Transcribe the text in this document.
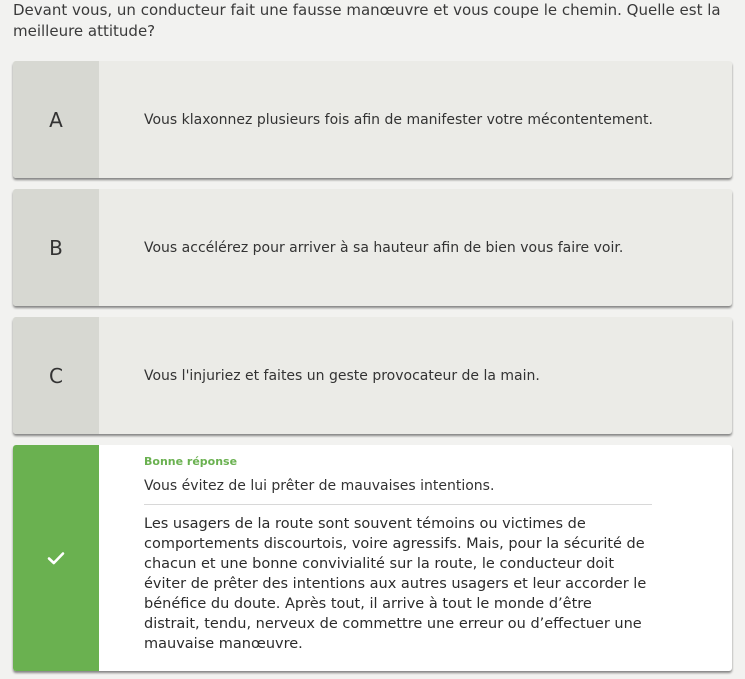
Devant vous, un conducteur fait une fausse manœuvre et vous coupe le chemin. Quelle est la meilleure attitude?
A	Vous klaxonnez plusieurs fois afin de manifester votre mécontentement.
B	Vous accélérez pour arriver à sa hauteur afin de bien vous faire voir.
C	Vous l'injuriez et faites un geste provocateur de la main.
Bonne réponse
Vous évitez de lui prêter de mauvaises intentions.
Les usagers de la route sont souvent témoins ou victimes de comportements discourtois, voire agressifs. Mais, pour la sécurité de chacun et une bonne convivialité sur la route, le conducteur doit éviter de prêter des intentions aux autres usagers et leur accorder le bénéfice du doute. Après tout, il arrive à tout le monde d’être distrait, tendu, nerveux de commettre une erreur ou d’effectuer une mauvaise manœuvre.
